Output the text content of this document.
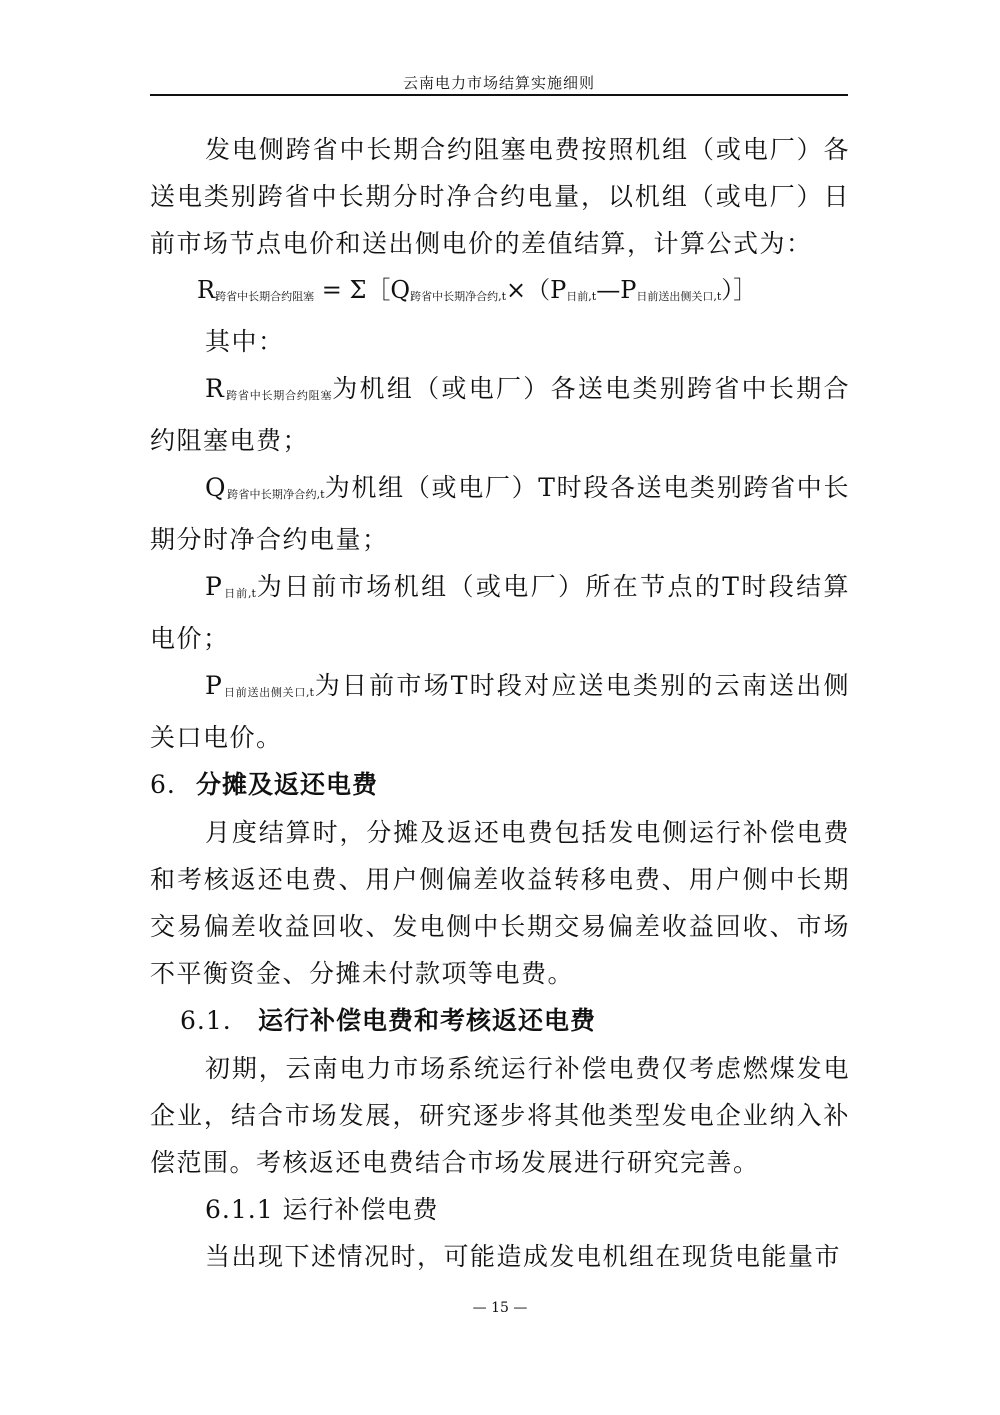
云南电力市场结算实施细则

发电侧跨省中长期合约阻塞电费按照机组（或电厂）各送电类别跨省中长期分时净合约电量，以机组（或电厂）日前市场节点电价和送出侧电价的差值结算，计算公式为：

R跨省中长期合约阻塞 = Σ［Q跨省中长期净合约,t×（P日前,t—P日前送出侧关口,t）］

其中：

R跨省中长期合约阻塞为机组（或电厂）各送电类别跨省中长期合约阻塞电费；

Q跨省中长期净合约,t为机组（或电厂）T时段各送电类别跨省中长期分时净合约电量；

P日前,t为日前市场机组（或电厂）所在节点的T时段结算电价；

P日前送出侧关口,t为日前市场T时段对应送电类别的云南送出侧关口电价。

6. 分摊及返还电费

月度结算时，分摊及返还电费包括发电侧运行补偿电费和考核返还电费、用户侧偏差收益转移电费、用户侧中长期交易偏差收益回收、发电侧中长期交易偏差收益回收、市场不平衡资金、分摊未付款项等电费。

6.1. 运行补偿电费和考核返还电费

初期，云南电力市场系统运行补偿电费仅考虑燃煤发电企业，结合市场发展，研究逐步将其他类型发电企业纳入补偿范围。考核返还电费结合市场发展进行研究完善。

6.1.1 运行补偿电费

当出现下述情况时，可能造成发电机组在现货电能量市

— 15 —
